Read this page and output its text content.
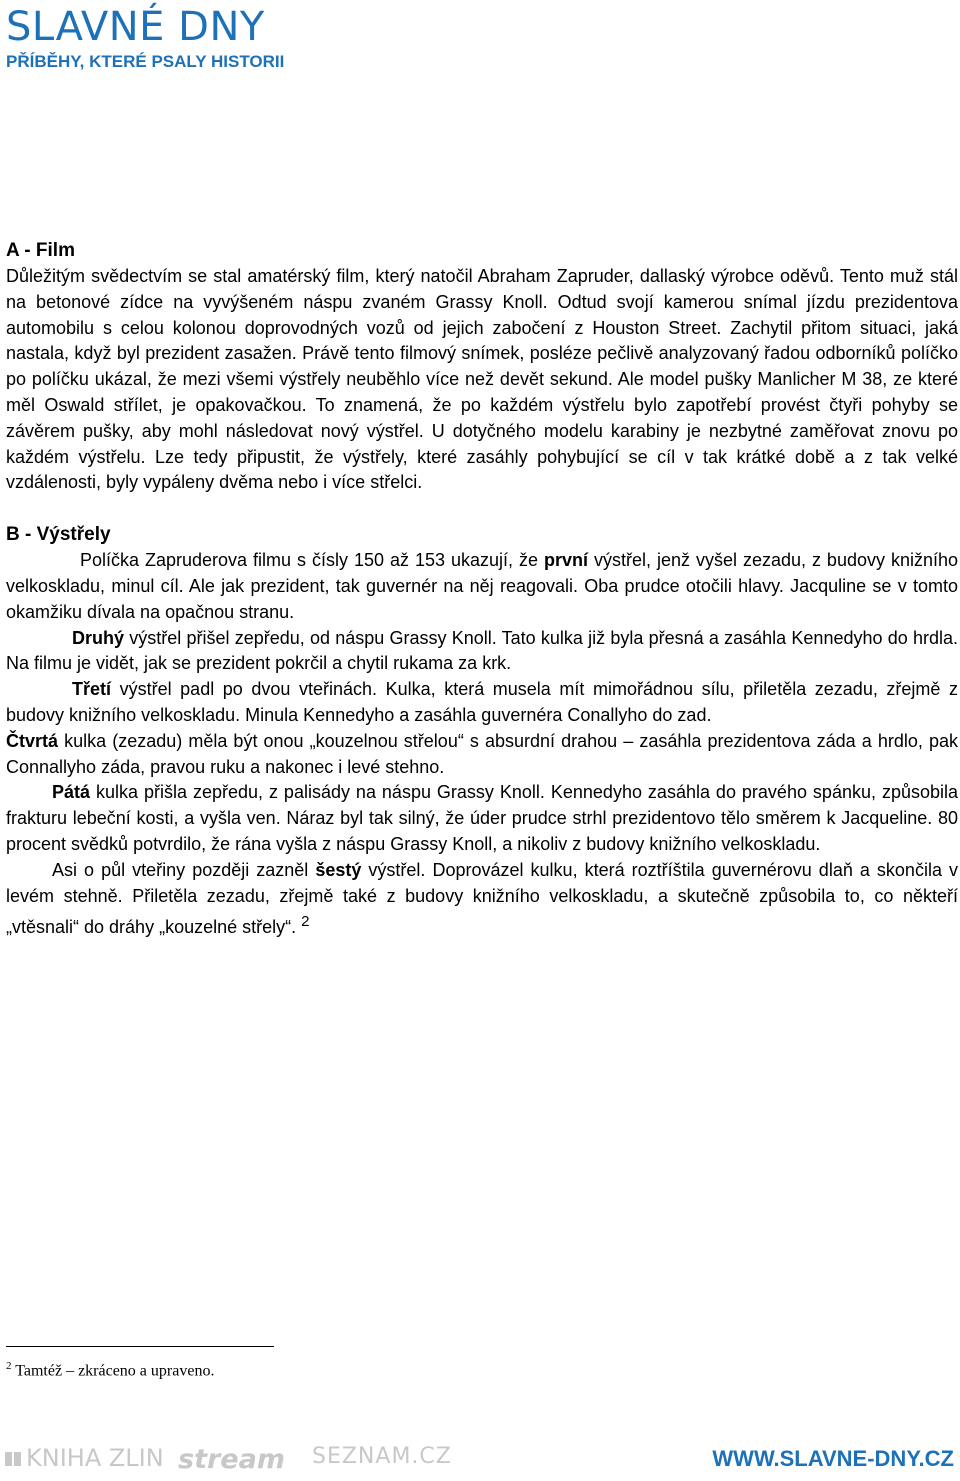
SLAVNÉ DNY
PŘÍBĚHY, KTERÉ PSALY HISTORII
A - Film

Důležitým svědectvím se stal amatérský film, který natočil Abraham Zapruder, dallaský výrobce oděvů. Tento muž stál na betonové zídce na vyvýšeném náspu zvaném Grassy Knoll. Odtud svojí kamerou snímal jízdu prezidentova automobilu s celou kolonou doprovodných vozů od jejich zabočení z Houston Street. Zachytil přitom situaci, jaká nastala, když byl prezident zasažen. Právě tento filmový snímek, posléze pečlivě analyzovaný řadou odborníků políčko po políčku ukázal, že mezi všemi výstřely neuběhlo více než devět sekund. Ale model pušky Manlicher M 38, ze které měl Oswald střílet, je opakovačkou. To znamená, že po každém výstřelu bylo zapotřebí provést čtyři pohyby se závěrem pušky, aby mohl následovat nový výstřel. U dotyčného modelu karabiny je nezbytné zaměřovat znovu po každém výstřelu. Lze tedy připustit, že výstřely, které zasáhly pohybující se cíl v tak krátké době a z tak velké vzdálenosti, byly vypáleny dvěma nebo i více střelci.

B - Výstřely

Políčka Zapruderova filmu s čísly 150 až 153 ukazují, že první výstřel, jenž vyšel zezadu, z budovy knižního velkoskladu, minul cíl. Ale jak prezident, tak guvernér na něj reagovali. Oba prudce otočili hlavy. Jacquline se v tomto okamžiku dívala na opačnou stranu.

Druhý výstřel přišel zepředu, od náspu Grassy Knoll. Tato kulka již byla přesná a zasáhla Kennedyho do hrdla. Na filmu je vidět, jak se prezident pokrčil a chytil rukama za krk.

Třetí výstřel padl po dvou vteřinách. Kulka, která musela mít mimořádnou sílu, přiletěla zezadu, zřejmě z budovy knižního velkoskladu. Minula Kennedyho a zasáhla guvernéra Conallyho do zad.

Čtvrtá kulka (zezadu) měla být onou „kouzelnou střelou“ s absurdní drahou – zasáhla prezidentova záda a hrdlo, pak Connallyho záda, pravou ruku a nakonec i levé stehno.

Pátá kulka přišla zepředu, z palisády na náspu Grassy Knoll. Kennedyho zasáhla do pravého spánku, způsobila frakturu lebeční kosti, a vyšla ven. Náraz byl tak silný, že úder prudce strhl prezidentovo tělo směrem k Jacqueline. 80 procent svědků potvrdilo, že rána vyšla z náspu Grassy Knoll, a nikoliv z budovy knižního velkoskladu.

Asi o půl vteřiny později zazněl šestý výstřel. Doprovázel kulku, která roztříštila guvernérovu dlaň a skončila v levém stehně. Přiletěla zezadu, zřejmě také z budovy knižního velkoskladu, a skutečně způsobila to, co někteří „vtěsnali“ do dráhy „kouzelné střely“. $^2$

$^2$ Tamtéž – zkráceno a upraveno.
KNIHA ZLIN stream SEZNAM.CZ	WWW.SLAVNE-DNY.CZ
